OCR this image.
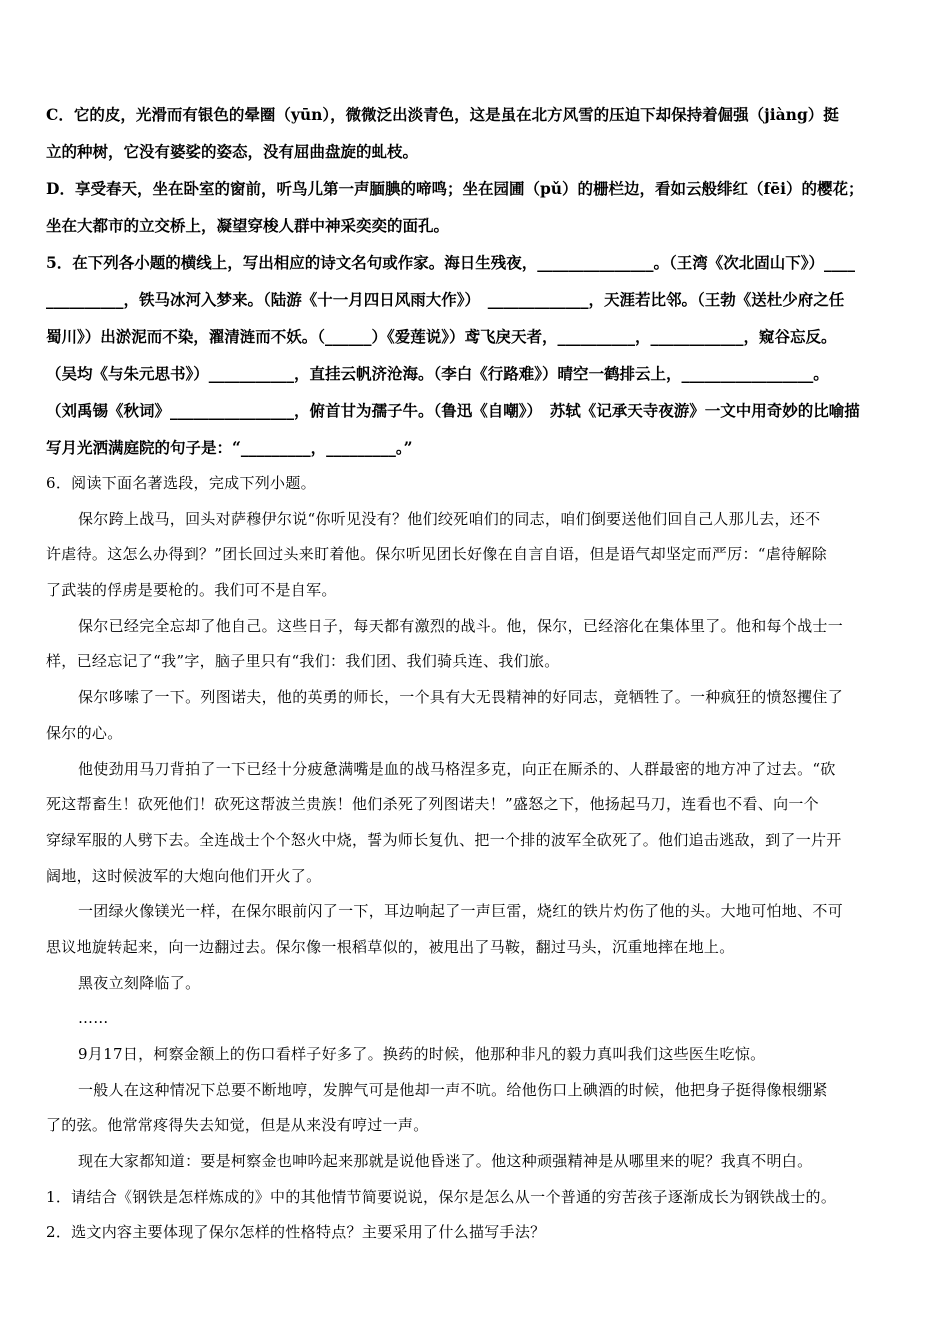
C．它的皮，光滑而有银色的晕圈（yūn），微微泛出淡青色，这是虽在北方风雪的压迫下却保持着倔强（jiàng）挺

立的种树，它没有婆娑的姿态，没有屈曲盘旋的虬枝。

D．享受春天，坐在卧室的窗前，听鸟儿第一声腼腆的啼鸣；坐在园圃（pǔ）的栅栏边，看如云般绯红（fēi）的樱花；

坐在大都市的立交桥上，凝望穿梭人群中神采奕奕的面孔。

5．在下列各小题的横线上，写出相应的诗文名句或作家。海日生残夜，_______________。（王湾《次北固山下》）____

__________，铁马冰河入梦来。（陆游《十一月四日风雨大作》）　_____________，天涯若比邻。（王勃《送杜少府之任

蜀川》）出淤泥而不染，濯清涟而不妖。（______）《爱莲说》）鸢飞戾天者，__________，____________，窥谷忘反。

（吴均《与朱元思书》）___________，直挂云帆济沧海。（李白《行路难》）晴空一鹤排云上，_________________。

（刘禹锡《秋词》________________，俯首甘为孺子牛。（鲁迅《自嘲》）　苏轼《记承天寺夜游》一文中用奇妙的比喻描

写月光洒满庭院的句子是：“_________，_________。”

6．阅读下面名著选段，完成下列小题。

保尔跨上战马，回头对萨穆伊尔说“你听见没有？他们绞死咱们的同志，咱们倒要送他们回自己人那儿去，还不

许虐待。这怎么办得到？”团长回过头来盯着他。保尔听见团长好像在自言自语，但是语气却坚定而严厉：“虐待解除

了武装的俘虏是要枪的。我们可不是自军。

保尔已经完全忘却了他自己。这些日子，每天都有激烈的战斗。他，保尔，已经溶化在集体里了。他和每个战士一

样，已经忘记了“我”字，脑子里只有“我们：我们团、我们骑兵连、我们旅。

保尔哆嗦了一下。列图诺夫，他的英勇的师长，一个具有大无畏精神的好同志，竟牺牲了。一种疯狂的愤怒攫住了

保尔的心。

他使劲用马刀背拍了一下已经十分疲惫满嘴是血的战马格涅多克，向正在厮杀的、人群最密的地方冲了过去。“砍

死这帮畜生！砍死他们！砍死这帮波兰贵族！他们杀死了列图诺夫！”盛怒之下，他扬起马刀，连看也不看、向一个

穿绿军服的人劈下去。全连战士个个怒火中烧，誓为师长复仇、把一个排的波军全砍死了。他们追击逃敌，到了一片开

阔地，这时候波军的大炮向他们开火了。

一团绿火像镁光一样，在保尔眼前闪了一下，耳边响起了一声巨雷，烧红的铁片灼伤了他的头。大地可怕地、不可

思议地旋转起来，向一边翻过去。保尔像一根稻草似的，被甩出了马鞍，翻过马头，沉重地摔在地上。

黑夜立刻降临了。

……

9月17日，柯察金额上的伤口看样子好多了。换药的时候，他那种非凡的毅力真叫我们这些医生吃惊。

一般人在这种情况下总要不断地哼，发脾气可是他却一声不吭。给他伤口上碘酒的时候，他把身子挺得像根绷紧

了的弦。他常常疼得失去知觉，但是从来没有哼过一声。

现在大家都知道：要是柯察金也呻吟起来那就是说他昏迷了。他这种顽强精神是从哪里来的呢？我真不明白。

1．请结合《钢铁是怎样炼成的》中的其他情节简要说说，保尔是怎么从一个普通的穷苦孩子逐渐成长为钢铁战士的。

2．选文内容主要体现了保尔怎样的性格特点？主要采用了什么描写手法？
